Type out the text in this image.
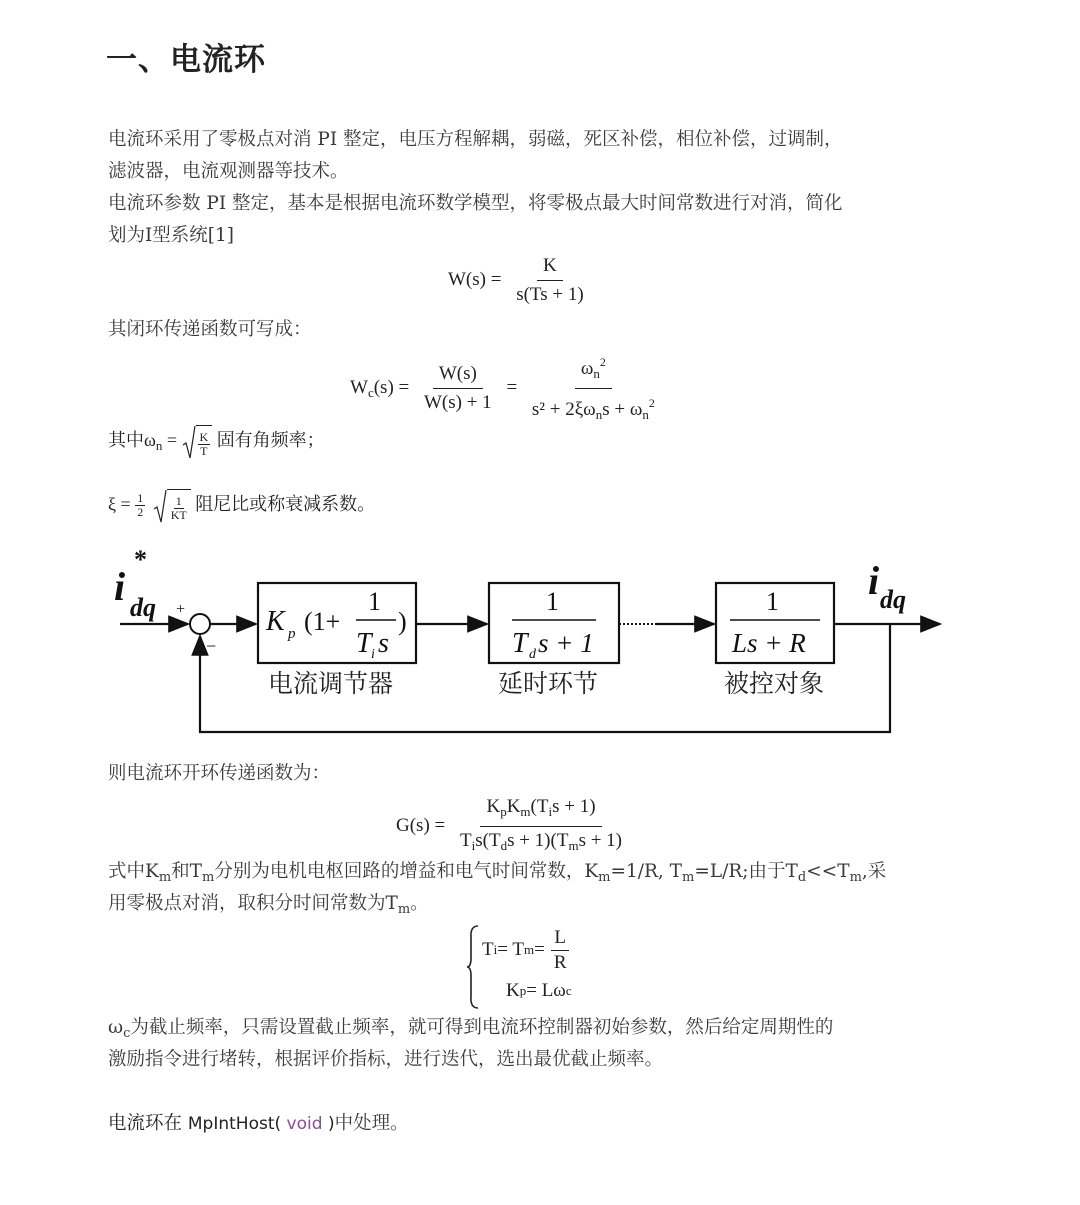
一、电流环
电流环采用了零极点对消 PI 整定，电压方程解耦，弱磁，死区补偿，相位补偿，过调制，
滤波器，电流观测器等技术。
电流环参数 PI 整定，基本是根据电流环数学模型，将零极点最大时间常数进行对消，简化
划为I型系统[1]
$W(s) = \frac{K}{s(Ts + 1)}$
其闭环传递函数可写成：
$W_c(s) = \frac{W(s)}{W(s) + 1} = \frac{\omega_n^2}{s^2 + 2\xi\omega_ns + \omega_n^2}$
其中$\omega_n = \frac{K}{T}$ 固有角频率；
$\xi = \frac{1}{2}$
$\frac{1}{KT}$ 阻尼比或称衰减系数。
i
*
dq +
−
K p (1+
1
T i s
)
电流调节器
1
T d s + 1
延时环节
1
Ls + R
被控对象
i dq
则电流环开环传递函数为：
$G(s) = \frac{K_pK_m(T_is + 1)}{T_is(T_ds + 1)(T_ms + 1)}$
式中$K_m$和$T_m$分别为电机电枢回路的增益和电气时间常数，$K_m=1/R$, $T_m=L/R$;由于$T_d<<T_m$,采
用零极点对消，取积分时间常数为$T_m$。
T i = T $m = \frac{L}{R}$
K p = Lω c
$\omega_c$为截止频率，只需设置截止频率，就可得到电流环控制器初始参数，然后给定周期性的
激励指令进行堵转，根据评价指标，进行迭代，选出最优截止频率。
电流环在 MpIntHost( void )中处理。
